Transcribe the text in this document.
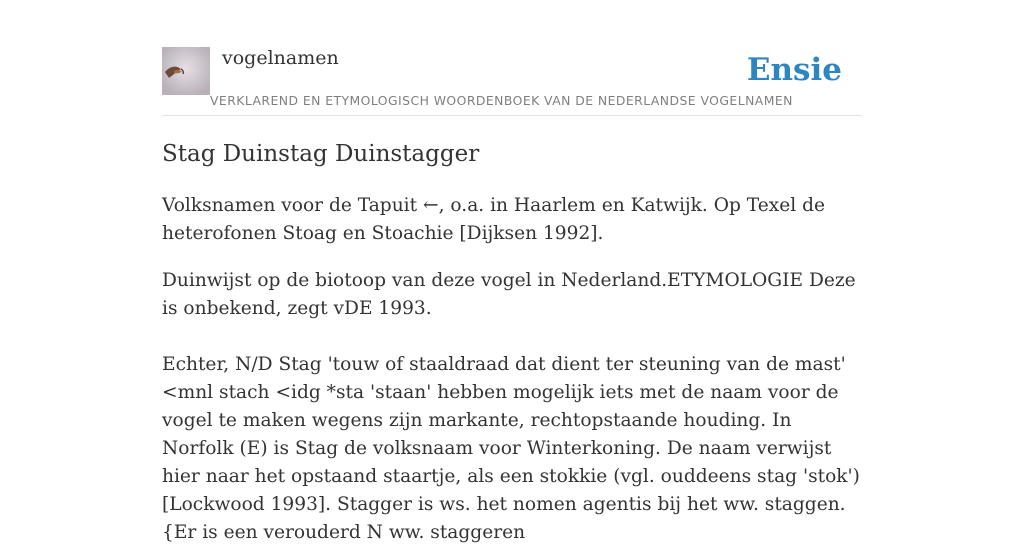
vogelnamen	Ensie
VERKLAREND EN ETYMOLOGISCH WOORDENBOEK VAN DE NEDERLANDSE VOGELNAMEN
Stag Duinstag Duinstagger

Volksnamen voor de Tapuit ←, o.a. in Haarlem en Katwijk. Op Texel de heterofonen Stoag en Stoachie [Dijksen 1992].

Duinwijst op de biotoop van deze vogel in Nederland.ETYMOLOGIE Deze is onbekend, zegt vDE 1993.

Echter, N/D Stag 'touw of staaldraad dat dient ter steuning van de mast' <mnl stach <idg *sta 'staan' hebben mogelijk iets met de naam voor de vogel te maken wegens zijn markante, rechtopstaande houding. In Norfolk (E) is Stag de volksnaam voor Winterkoning. De naam verwijst hier naar het opstaand staartje, als een stokkie (vgl. ouddeens stag 'stok') [Lockwood 1993]. Stagger is ws. het nomen agentis bij het ww. staggen. {Er is een verouderd N ww. staggeren
